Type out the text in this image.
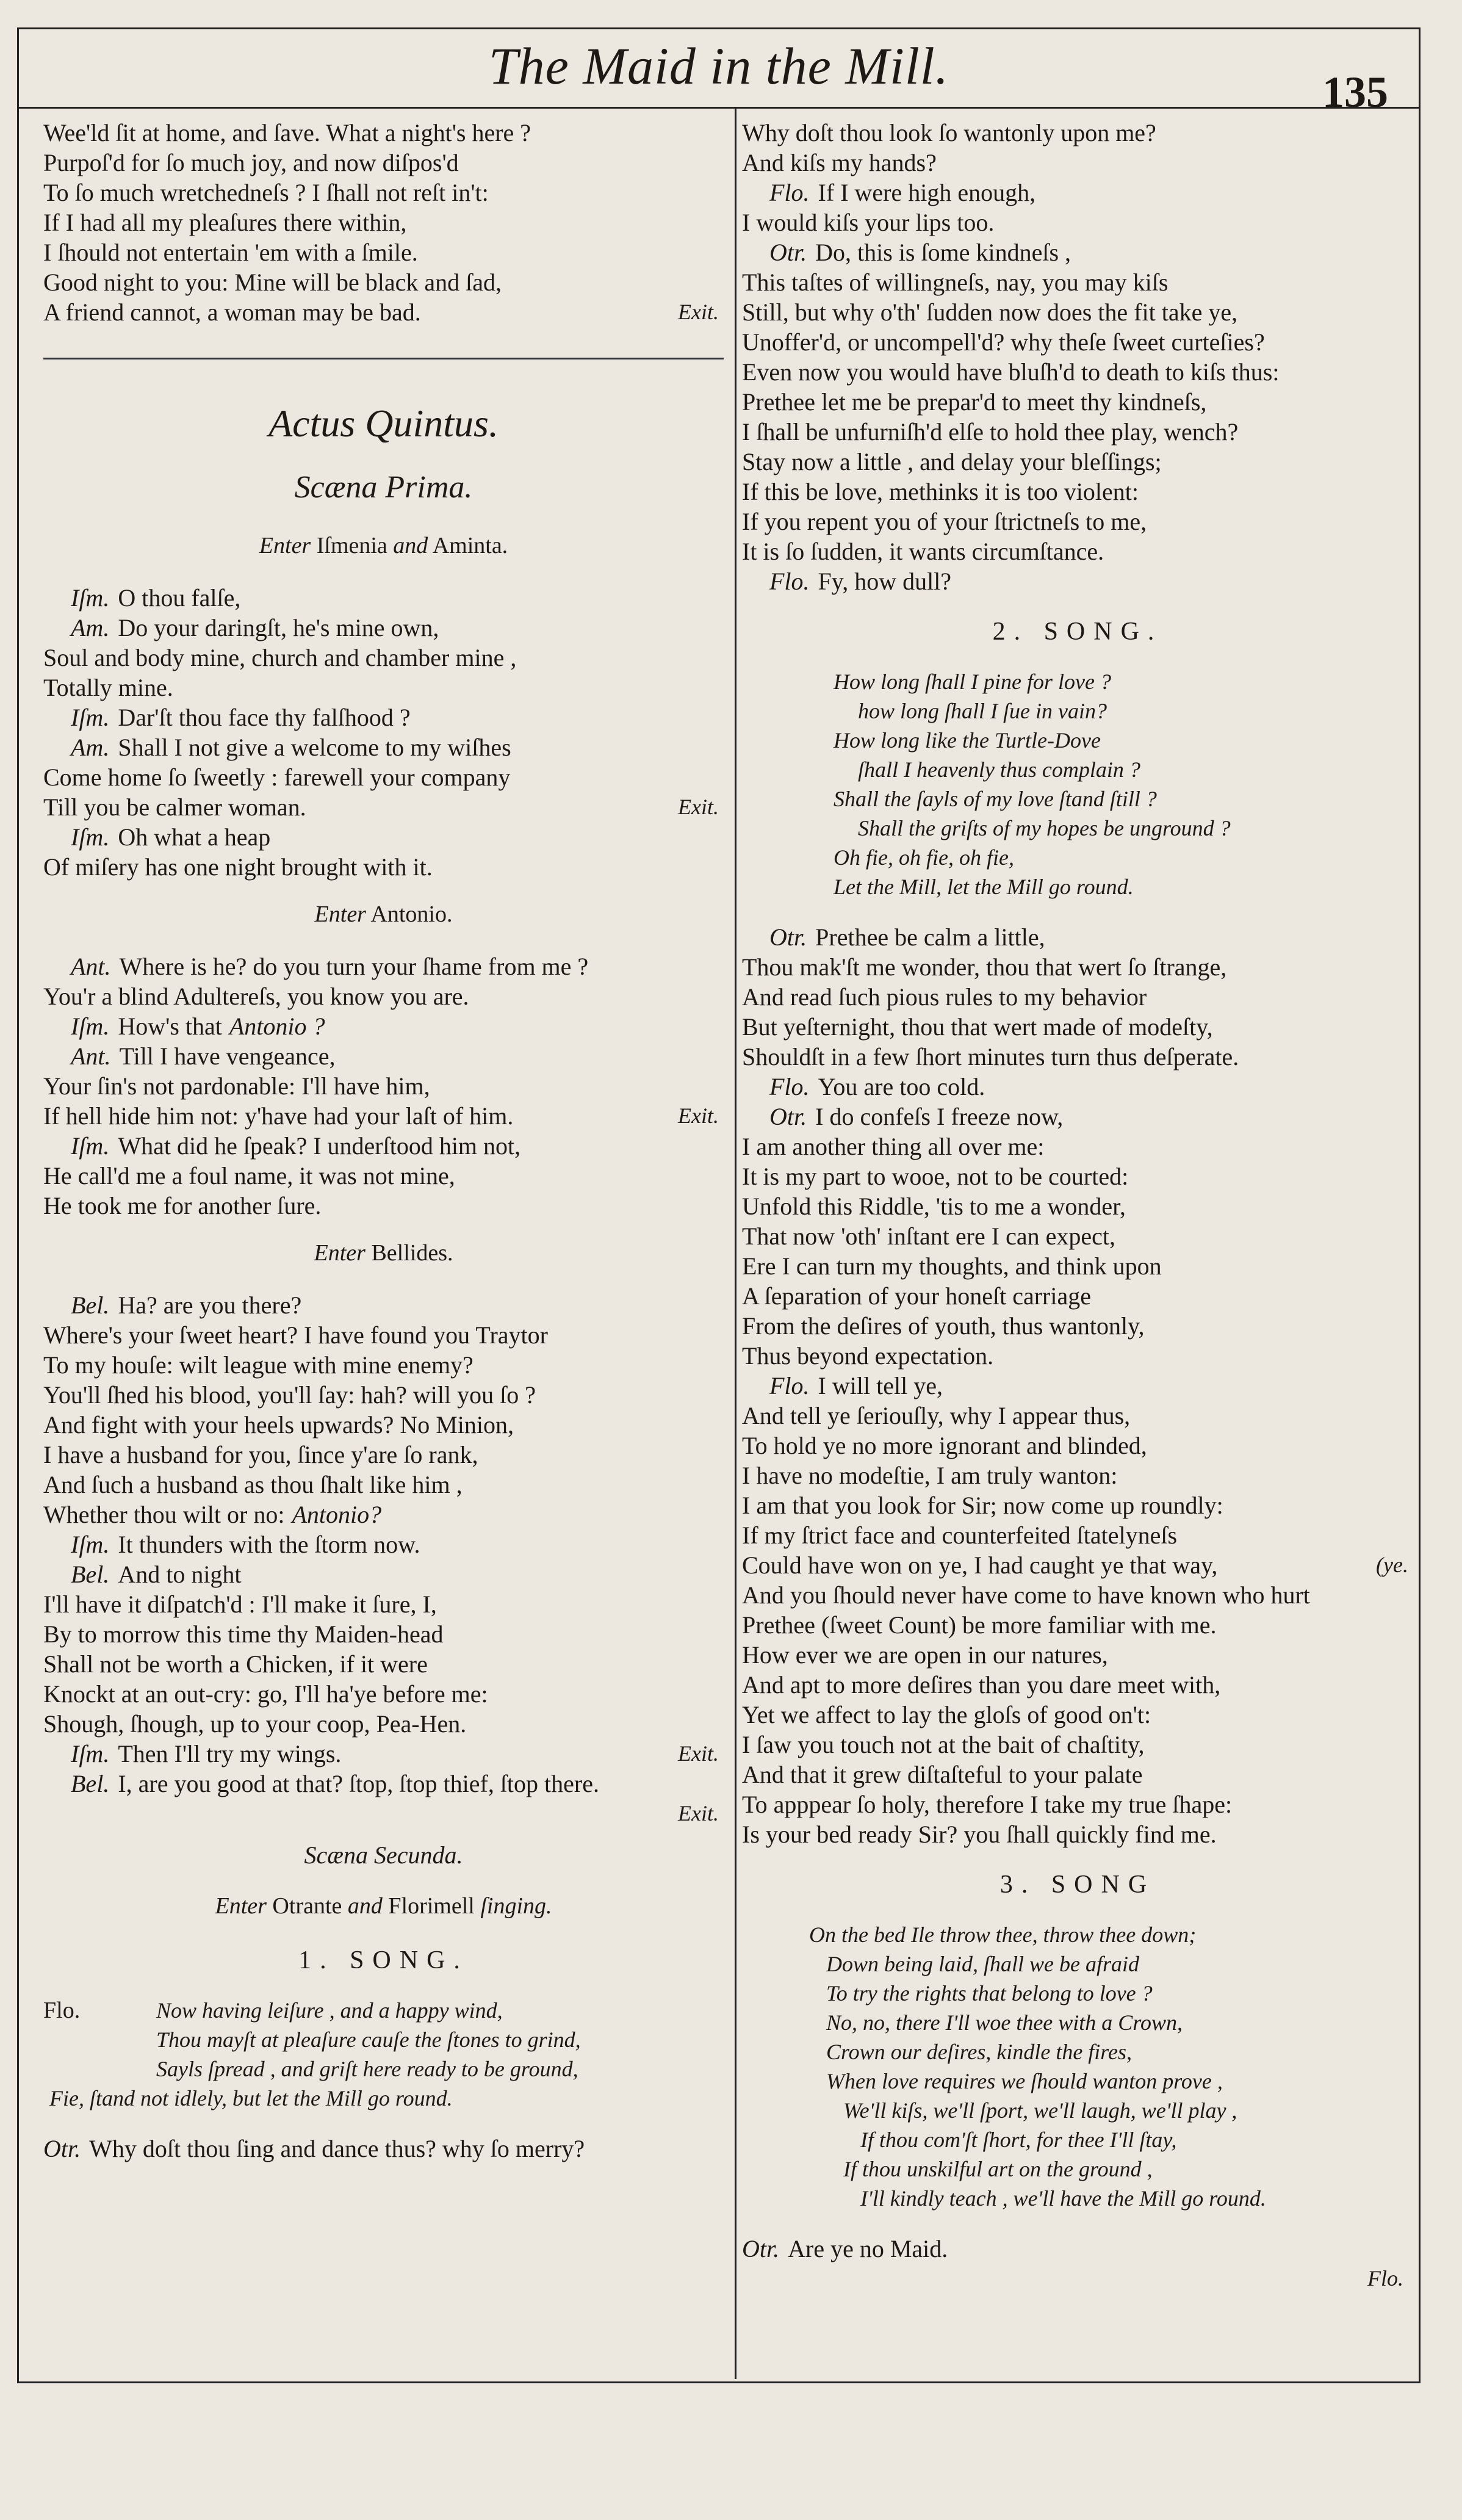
The Maid in the Mill.	135
Wee'ld ſit at home, and ſave. What a night's here ?
Purpoſ'd for ſo much joy, and now diſpos'd
To ſo much wretchedneſs ? I ſhall not reſt in't:
If I had all my pleaſures there within,
I ſhould not entertain 'em with a ſmile.
Good night to you: Mine will be black and ſad,
A friend cannot, a woman may be bad.	Exit.
Actus Quintus.
Scæna Prima.
Enter Iſmenia and Aminta.
Iſm. O thou falſe,
Am. Do your daringſt, he's mine own,
Soul and body mine, church and chamber mine ,
Totally mine.
Iſm. Dar'ſt thou face thy falſhood ?
Am. Shall I not give a welcome to my wiſhes
Come home ſo ſweetly : farewell your company
Till you be calmer woman.	Exit.
Iſm. Oh what a heap
Of miſery has one night brought with it.
Enter Antonio.
Ant. Where is he? do you turn your ſhame from me ?
You'r a blind Adultereſs, you know you are.
Iſm. How's that Antonio ?
Ant. Till I have vengeance,
Your ſin's not pardonable: I'll have him,
If hell hide him not: y'have had your laſt of him.	Exit.
Iſm. What did he ſpeak? I underſtood him not,
He call'd me a foul name, it was not mine,
He took me for another ſure.
Enter Bellides.
Bel. Ha? are you there?
Where's your ſweet heart? I have found you Traytor
To my houſe: wilt league with mine enemy?
You'll ſhed his blood, you'll ſay: hah? will you ſo ?
And fight with your heels upwards? No Minion,
I have a husband for you, ſince y'are ſo rank,
And ſuch a husband as thou ſhalt like him ,
Whether thou wilt or no: Antonio?
Iſm. It thunders with the ſtorm now.
Bel. And to night
I'll have it diſpatch'd : I'll make it ſure, I,
By to morrow this time thy Maiden-head
Shall not be worth a Chicken, if it were
Knockt at an out-cry: go, I'll ha'ye before me:
Shough, ſhough, up to your coop, Pea-Hen.
Iſm. Then I'll try my wings.	Exit.
Bel. I, are you good at that? ſtop, ſtop thief, ſtop there.
Exit.

Scæna Secunda.
Enter Otrante and Florimell ſinging.
1. SONG.
Flo.	Now having leiſure , and a happy wind,
Thou mayſt at pleaſure cauſe the ſtones to grind,
Sayls ſpread , and griſt here ready to be ground,
Fie, ſtand not idlely, but let the Mill go round.
Otr. Why doſt thou ſing and dance thus? why ſo merry?
Why doſt thou look ſo wantonly upon me?
And kiſs my hands?
Flo. If I were high enough,
I would kiſs your lips too.
Otr. Do, this is ſome kindneſs ,
This taſtes of willingneſs, nay, you may kiſs
Still, but why o'th' ſudden now does the fit take ye,
Unoffer'd, or uncompell'd? why theſe ſweet curteſies?
Even now you would have bluſh'd to death to kiſs thus:
Prethee let me be prepar'd to meet thy kindneſs,
I ſhall be unfurniſh'd elſe to hold thee play, wench?
Stay now a little , and delay your bleſſings;
If this be love, methinks it is too violent:
If you repent you of your ſtrictneſs to me,
It is ſo ſudden, it wants circumſtance.
Flo. Fy, how dull?
2. SONG.
How long ſhall I pine for love ?
how long ſhall I ſue in vain?
How long like the Turtle-Dove
ſhall I heavenly thus complain ?
Shall the ſayls of my love ſtand ſtill ?
Shall the griſts of my hopes be unground ?
Oh fie, oh fie, oh fie,
Let the Mill, let the Mill go round.
Otr. Prethee be calm a little,
Thou mak'ſt me wonder, thou that wert ſo ſtrange,
And read ſuch pious rules to my behavior
But yeſternight, thou that wert made of modeſty,
Shouldſt in a few ſhort minutes turn thus deſperate.
Flo. You are too cold.
Otr. I do confeſs I freeze now,
I am another thing all over me:
It is my part to wooe, not to be courted:
Unfold this Riddle, 'tis to me a wonder,
That now 'oth' inſtant ere I can expect,
Ere I can turn my thoughts, and think upon
A ſeparation of your honeſt carriage
From the deſires of youth, thus wantonly,
Thus beyond expectation.
Flo. I will tell ye,
And tell ye ſeriouſly, why I appear thus,
To hold ye no more ignorant and blinded,
I have no modeſtie, I am truly wanton:
I am that you look for Sir; now come up roundly:
If my ſtrict face and counterfeited ſtatelyneſs
Could have won on ye, I had caught ye that way,	(ye.
And you ſhould never have come to have known who hurt
Prethee (ſweet Count) be more familiar with me.
How ever we are open in our natures,
And apt to more deſires than you dare meet with,
Yet we affect to lay the gloſs of good on't:
I ſaw you touch not at the bait of chaſtity,
And that it grew diſtaſteful to your palate
To apppear ſo holy, therefore I take my true ſhape:
Is your bed ready Sir? you ſhall quickly find me.
3. SONG
On the bed Ile throw thee, throw thee down;
Down being laid, ſhall we be afraid
To try the rights that belong to love ?
No, no, there I'll woe thee with a Crown,
Crown our deſires, kindle the fires,
When love requires we ſhould wanton prove ,
We'll kiſs, we'll ſport, we'll laugh, we'll play ,
If thou com'ſt ſhort, for thee I'll ſtay,
If thou unskilful art on the ground ,
I'll kindly teach , we'll have the Mill go round.
Otr. Are ye no Maid.
Flo.
